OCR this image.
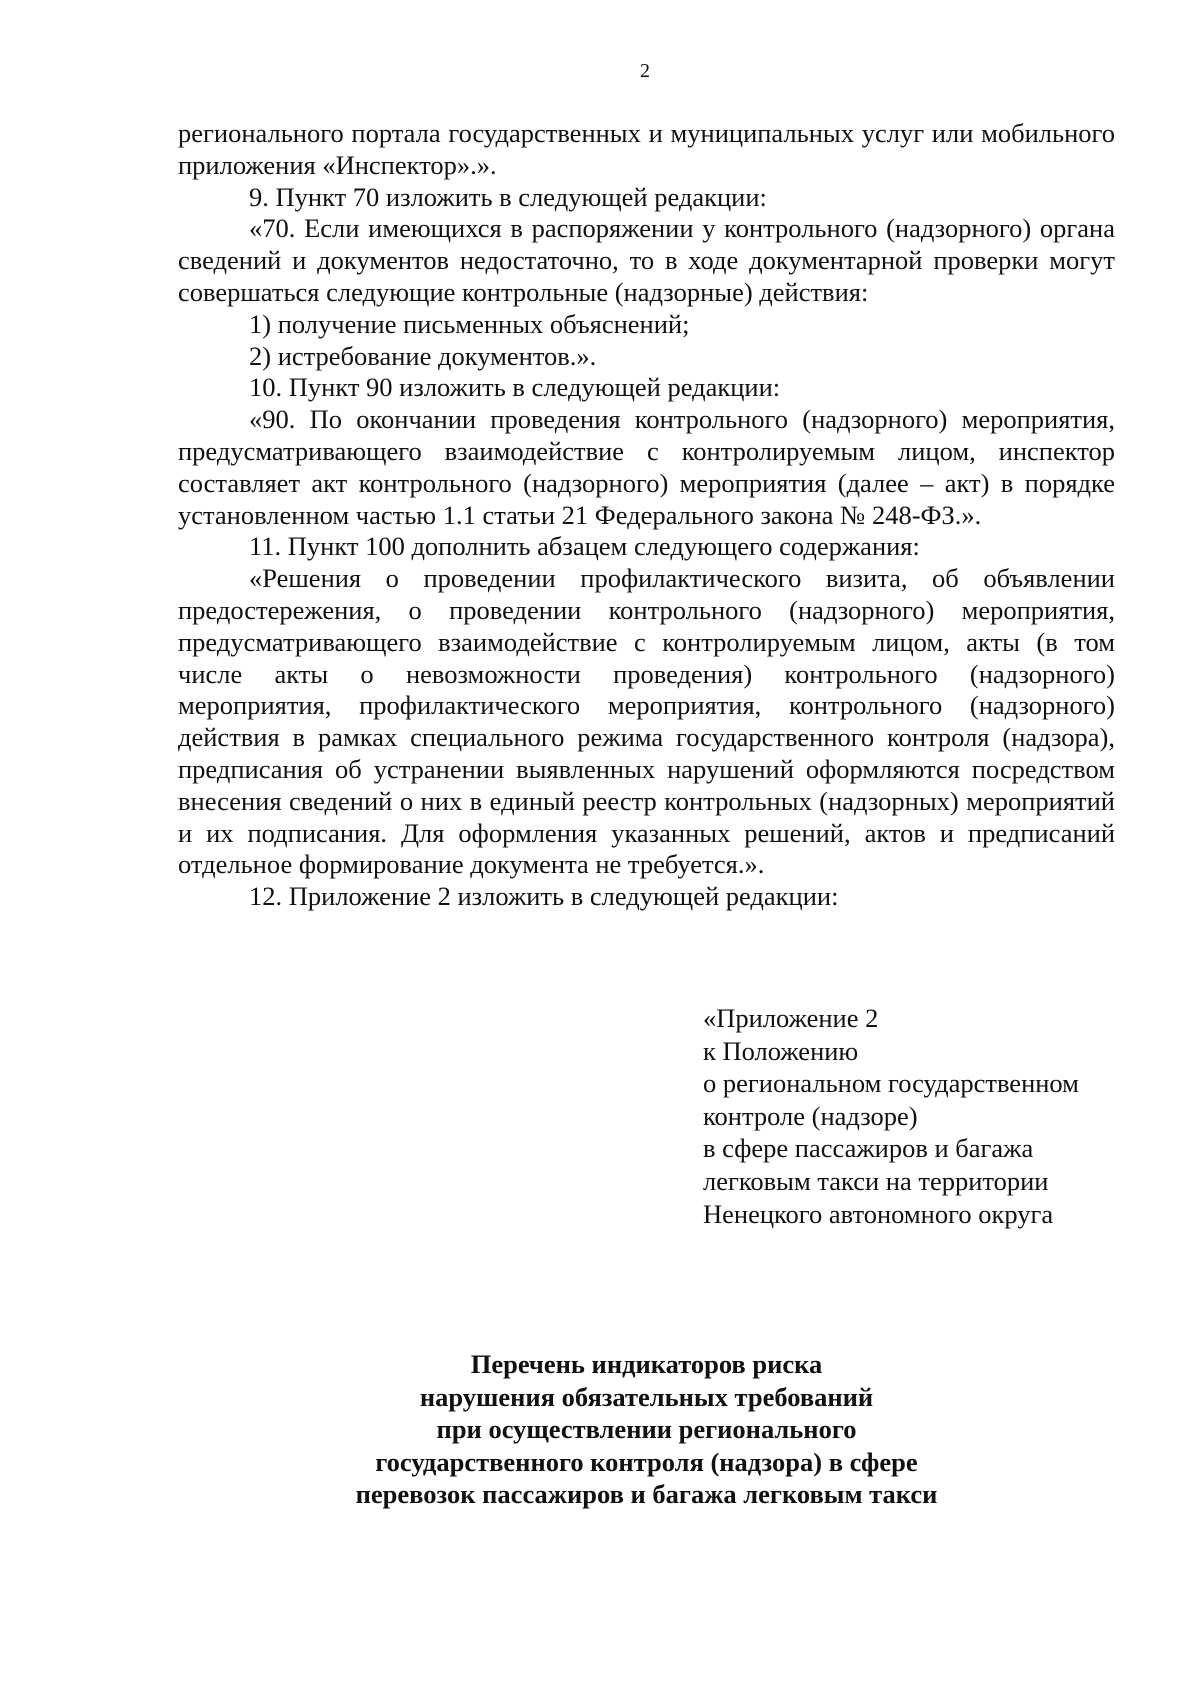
2

регионального портала государственных и муниципальных услуг или мобильного приложения «Инспектор».».

9. Пункт 70 изложить в следующей редакции:

«70. Если имеющихся в распоряжении у контрольного (надзорного) органа сведений и документов недостаточно, то в ходе документарной проверки могут совершаться следующие контрольные (надзорные) действия:

1) получение письменных объяснений;

2) истребование документов.».

10. Пункт 90 изложить в следующей редакции:

«90. По окончании проведения контрольного (надзорного) мероприятия, предусматривающего взаимодействие с контролируемым лицом, инспектор составляет акт контрольного (надзорного) мероприятия (далее – акт) в порядке установленном частью 1.1 статьи 21 Федерального закона № 248-ФЗ.».

11. Пункт 100 дополнить абзацем следующего содержания:

«Решения о проведении профилактического визита, об объявлении предостережения, о проведении контрольного (надзорного) мероприятия, предусматривающего взаимодействие с контролируемым лицом, акты (в том числе акты о невозможности проведения) контрольного (надзорного) мероприятия, профилактического мероприятия, контрольного (надзорного) действия в рамках специального режима государственного контроля (надзора), предписания об устранении выявленных нарушений оформляются посредством внесения сведений о них в единый реестр контрольных (надзорных) мероприятий и их подписания. Для оформления указанных решений, актов и предписаний отдельное формирование документа не требуется.».

12. Приложение 2 изложить в следующей редакции:

«Приложение 2
к Положению
о региональном государственном
контроле (надзоре)
в сфере пассажиров и багажа
легковым такси на территории
Ненецкого автономного округа
Перечень индикаторов риска
нарушения обязательных требований
при осуществлении регионального
государственного контроля (надзора) в сфере
перевозок пассажиров и багажа легковым такси
